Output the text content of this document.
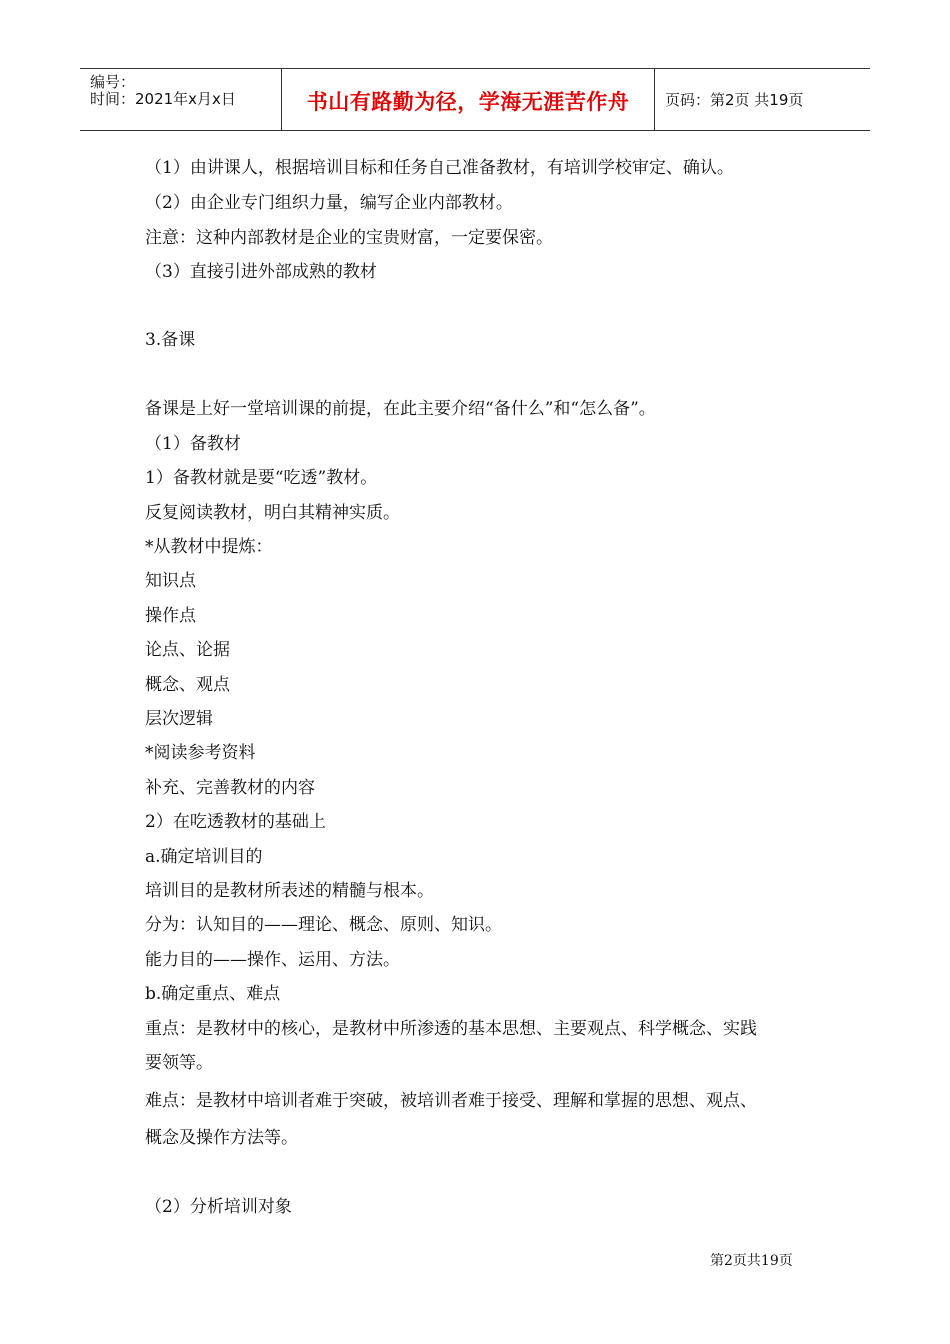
编号：
时间：2021年x月x日	书山有路勤为径，学海无涯苦作舟	页码：第2页 共19页
（1）由讲课人，根据培训目标和任务自己准备教材，有培训学校审定、确认。
（2）由企业专门组织力量，编写企业内部教材。
注意：这种内部教材是企业的宝贵财富，一定要保密。
（3）直接引进外部成熟的教材
3.备课
备课是上好一堂培训课的前提，在此主要介绍“备什么”和“怎么备”。
（1）备教材
1）备教材就是要“吃透”教材。
反复阅读教材，明白其精神实质。
*从教材中提炼：
知识点
操作点
论点、论据
概念、观点
层次逻辑
*阅读参考资料
补充、完善教材的内容
2）在吃透教材的基础上
a.确定培训目的
培训目的是教材所表述的精髓与根本。
分为：认知目的——理论、概念、原则、知识。
能力目的——操作、运用、方法。
b.确定重点、难点
重点：是教材中的核心，是教材中所渗透的基本思想、主要观点、科学概念、实践
要领等。
难点：是教材中培训者难于突破，被培训者难于接受、理解和掌握的思想、观点、
概念及操作方法等。
（2）分析培训对象
第2页共19页
